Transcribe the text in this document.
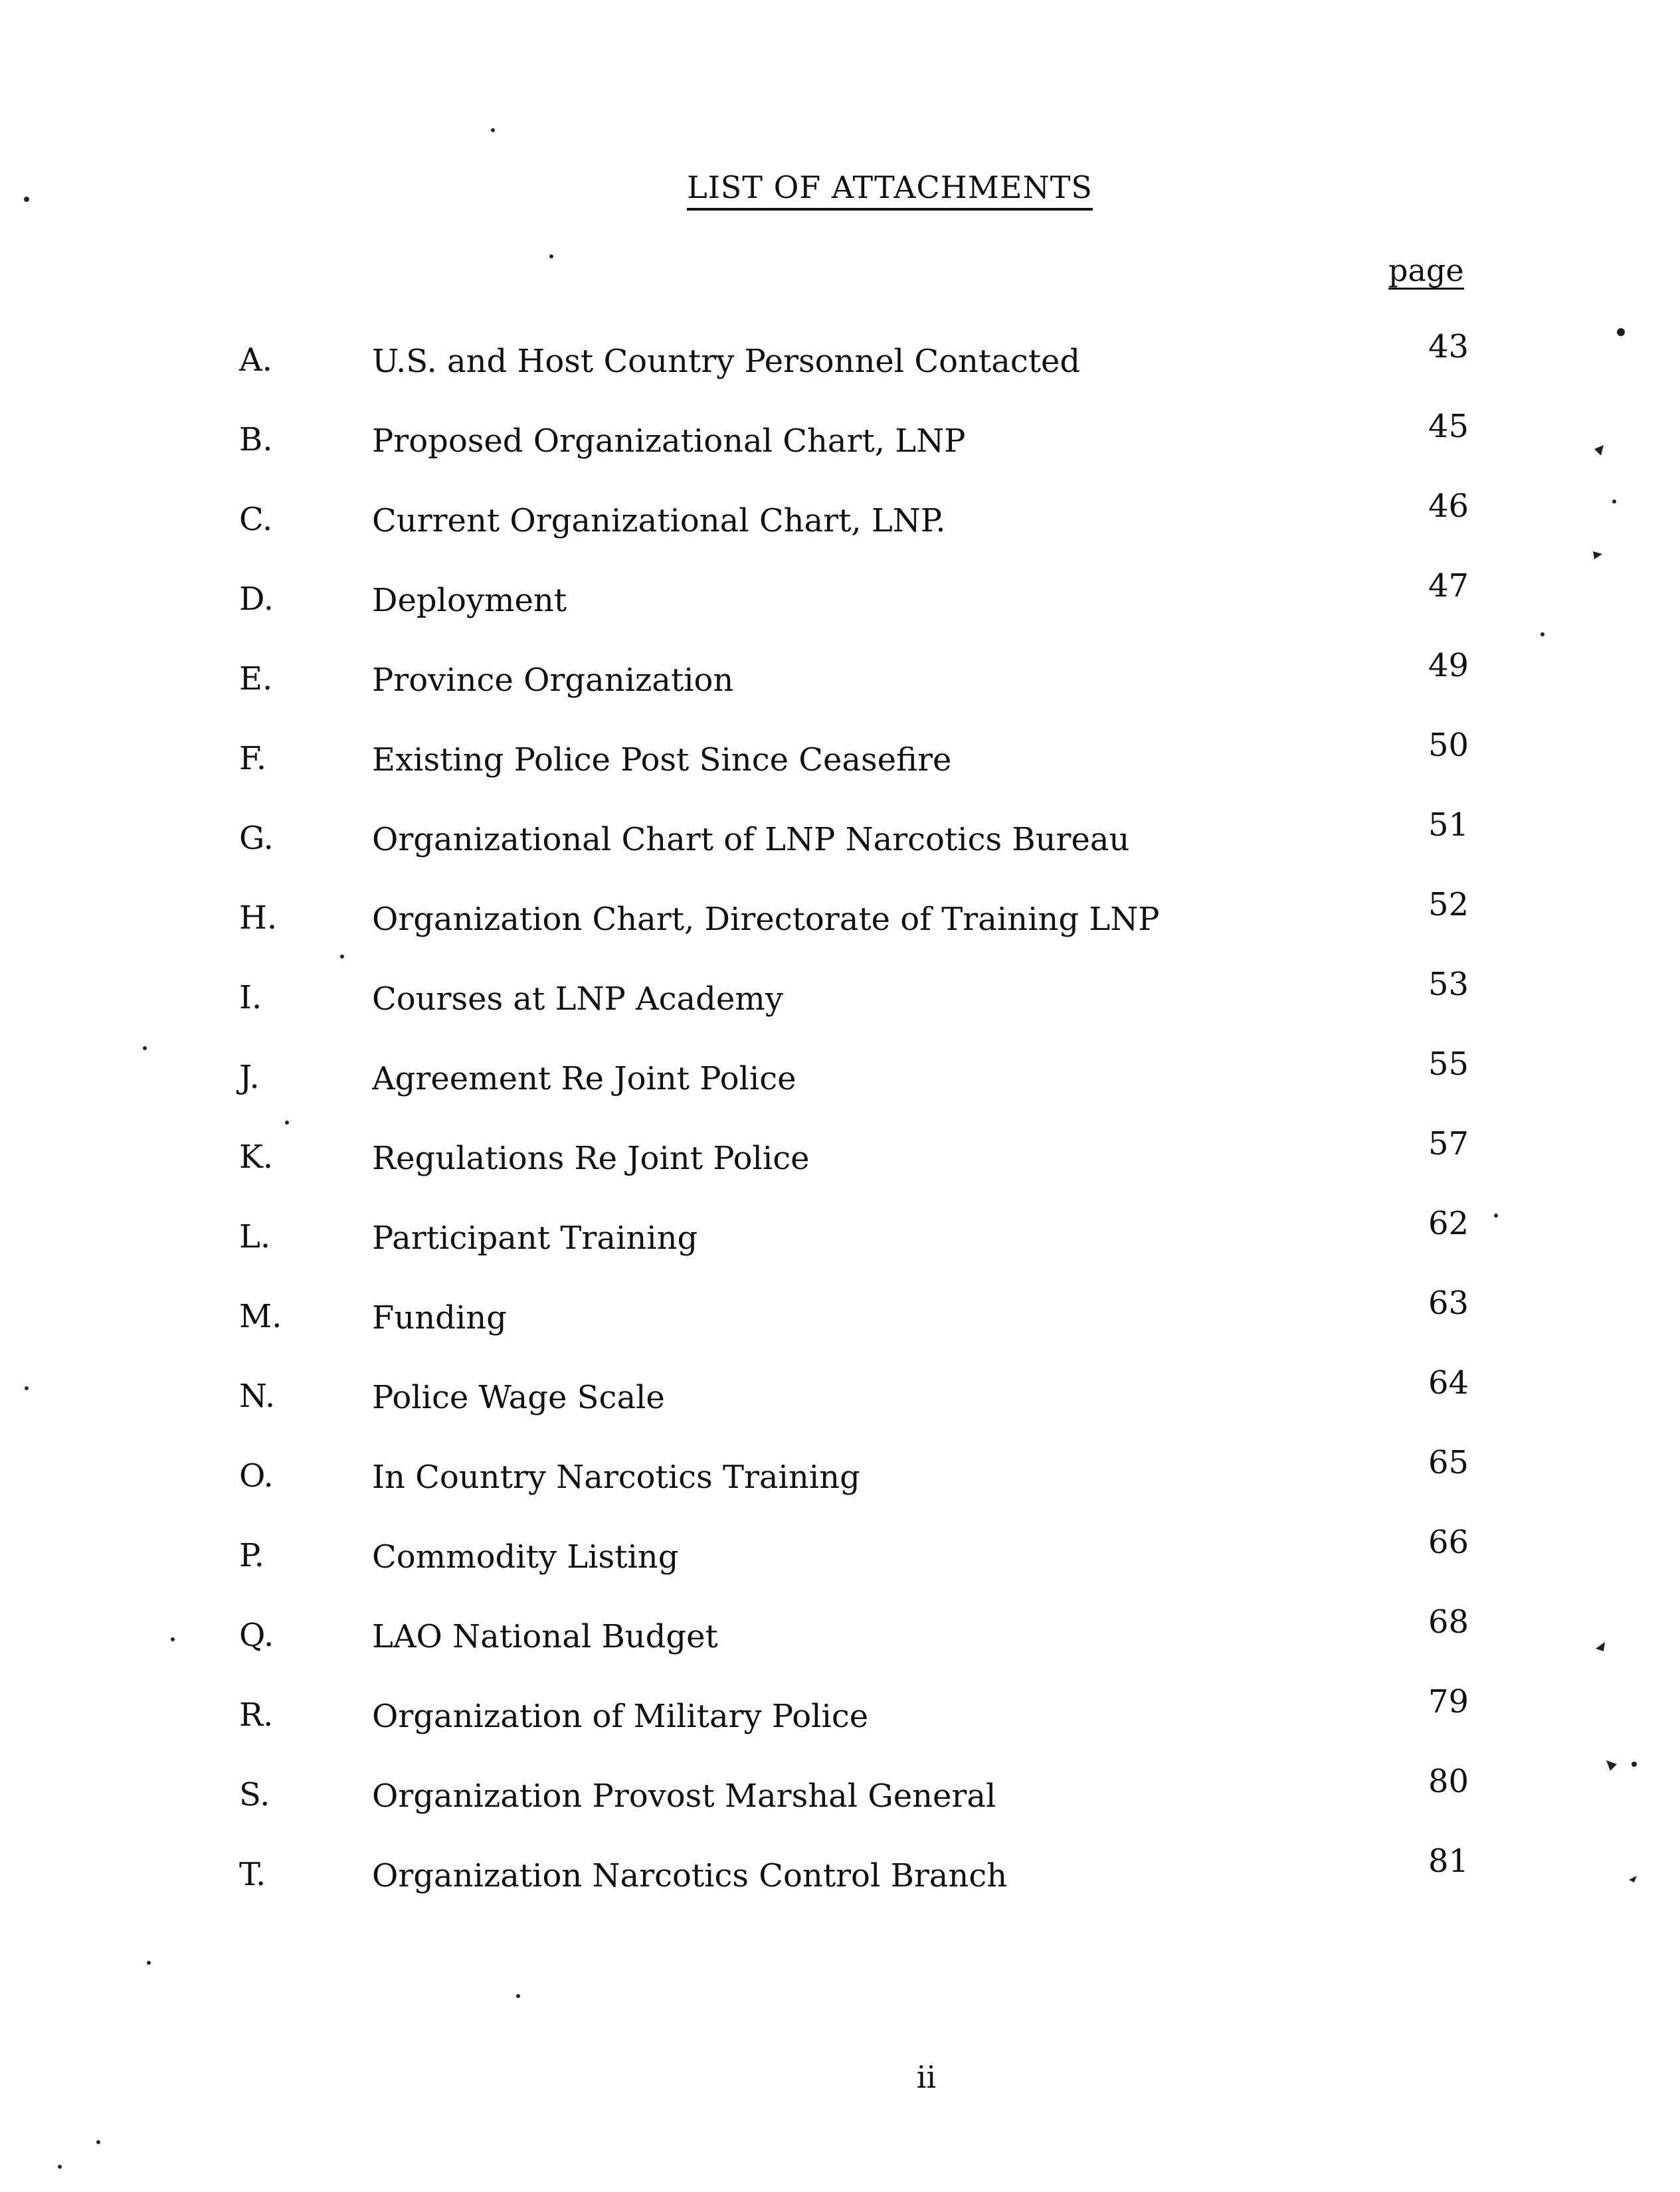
LIST OF ATTACHMENTS
page
A.	U.S. and Host Country Personnel Contacted	43
B.	Proposed Organizational Chart, LNP	45
C.	Current Organizational Chart, LNP.	46
D.	Deployment	47
E.	Province Organization	49
F.	Existing Police Post Since Ceasefire	50
G.	Organizational Chart of LNP Narcotics Bureau	51
H.	Organization Chart, Directorate of Training LNP	52
I.	Courses at LNP Academy	53
J.	Agreement Re Joint Police	55
K.	Regulations Re Joint Police	57
L.	Participant Training	62
M.	Funding	63
N.	Police Wage Scale	64
O.	In Country Narcotics Training	65
P.	Commodity Listing	66
Q.	LAO National Budget	68
R.	Organization of Military Police	79
S.	Organization Provost Marshal General	80
T.	Organization Narcotics Control Branch	81
ii
